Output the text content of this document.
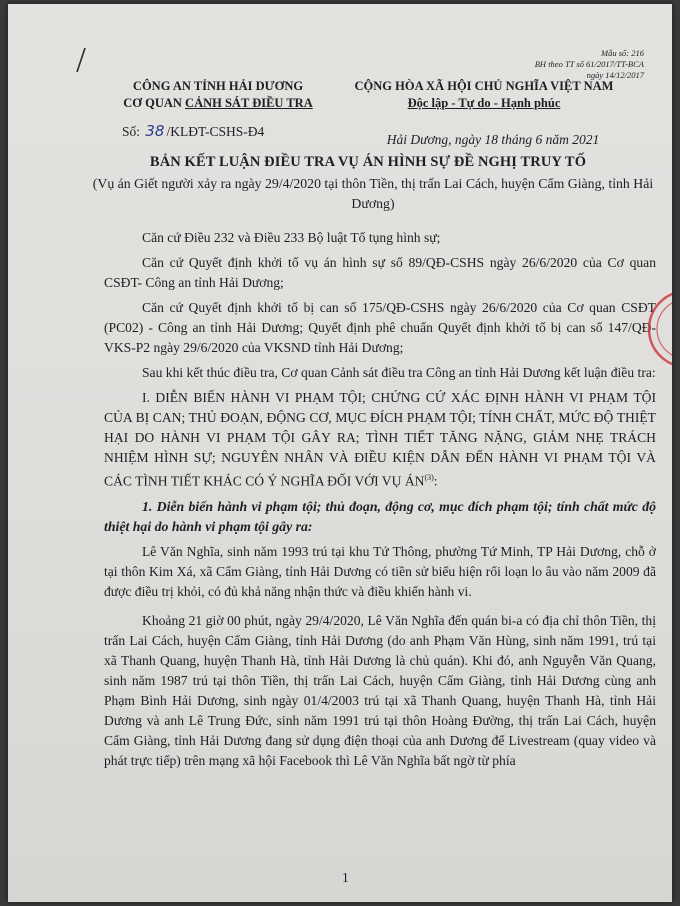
Mẫu số: 216
BH theo TT số 61/2017/TT-BCA
ngày 14/12/2017
CÔNG AN TỈNH HẢI DƯƠNG
CƠ QUAN CẢNH SÁT ĐIỀU TRA
CỘNG HÒA XÃ HỘI CHỦ NGHĨA VIỆT NAM
Độc lập - Tự do - Hạnh phúc
Số: 38 /KLĐT-CSHS-Đ4
Hải Dương, ngày 18 tháng 6 năm 2021
BẢN KẾT LUẬN ĐIỀU TRA VỤ ÁN HÌNH SỰ ĐỀ NGHỊ TRUY TỐ
(Vụ án Giết người xảy ra ngày 29/4/2020 tại thôn Tiền, thị trấn Lai Cách, huyện Cẩm Giàng, tỉnh Hải Dương)

Căn cứ Điều 232 và Điều 233 Bộ luật Tố tụng hình sự;

Căn cứ Quyết định khởi tố vụ án hình sự số 89/QĐ-CSHS ngày 26/6/2020 của Cơ quan CSĐT- Công an tỉnh Hải Dương;

Căn cứ Quyết định khởi tố bị can số 175/QĐ-CSHS ngày 26/6/2020 của Cơ quan CSĐT (PC02) - Công an tỉnh Hải Dương; Quyết định phê chuẩn Quyết định khởi tố bị can số 147/QĐ-VKS-P2 ngày 29/6/2020 của VKSND tỉnh Hải Dương;

Sau khi kết thúc điều tra, Cơ quan Cảnh sát điều tra Công an tỉnh Hải Dương kết luận điều tra:

I. DIỄN BIẾN HÀNH VI PHẠM TỘI; CHỨNG CỨ XÁC ĐỊNH HÀNH VI PHẠM TỘI CỦA BỊ CAN; THỦ ĐOẠN, ĐỘNG CƠ, MỤC ĐÍCH PHẠM TỘI; TÍNH CHẤT, MỨC ĐỘ THIỆT HẠI DO HÀNH VI PHẠM TỘI GÂY RA; TÌNH TIẾT TĂNG NẶNG, GIẢM NHẸ TRÁCH NHIỆM HÌNH SỰ; NGUYÊN NHÂN VÀ ĐIỀU KIỆN DẪN ĐẾN HÀNH VI PHẠM TỘI VÀ CÁC TÌNH TIẾT KHÁC CÓ Ý NGHĨA ĐỐI VỚI VỤ ÁN$^{(3)}$:

1. Diễn biến hành vi phạm tội; thủ đoạn, động cơ, mục đích phạm tội; tính chất mức độ thiệt hại do hành vi phạm tội gây ra:

Lê Văn Nghĩa, sinh năm 1993 trú tại khu Tứ Thông, phường Tứ Minh, TP Hải Dương, chỗ ở tại thôn Kim Xá, xã Cẩm Giàng, tỉnh Hải Dương có tiền sử biểu hiện rối loạn lo âu vào năm 2009 đã được điều trị khỏi, có đủ khả năng nhận thức và điều khiển hành vi.

Khoảng 21 giờ 00 phút, ngày 29/4/2020, Lê Văn Nghĩa đến quán bi-a có địa chỉ thôn Tiền, thị trấn Lai Cách, huyện Cẩm Giàng, tỉnh Hải Dương (do anh Phạm Văn Hùng, sinh năm 1991, trú tại xã Thanh Quang, huyện Thanh Hà, tỉnh Hải Dương là chủ quán). Khi đó, anh Nguyễn Văn Quang, sinh năm 1987 trú tại thôn Tiền, thị trấn Lai Cách, huyện Cẩm Giàng, tỉnh Hải Dương cùng anh Phạm Bình Hải Dương, sinh ngày 01/4/2003 trú tại xã Thanh Quang, huyện Thanh Hà, tỉnh Hải Dương và anh Lê Trung Đức, sinh năm 1991 trú tại thôn Hoàng Đường, thị trấn Lai Cách, huyện Cẩm Giàng, tỉnh Hải Dương đang sử dụng điện thoại của anh Dương để Livestream (quay video và phát trực tiếp) trên mạng xã hội Facebook thì Lê Văn Nghĩa bất ngờ từ phía

1
